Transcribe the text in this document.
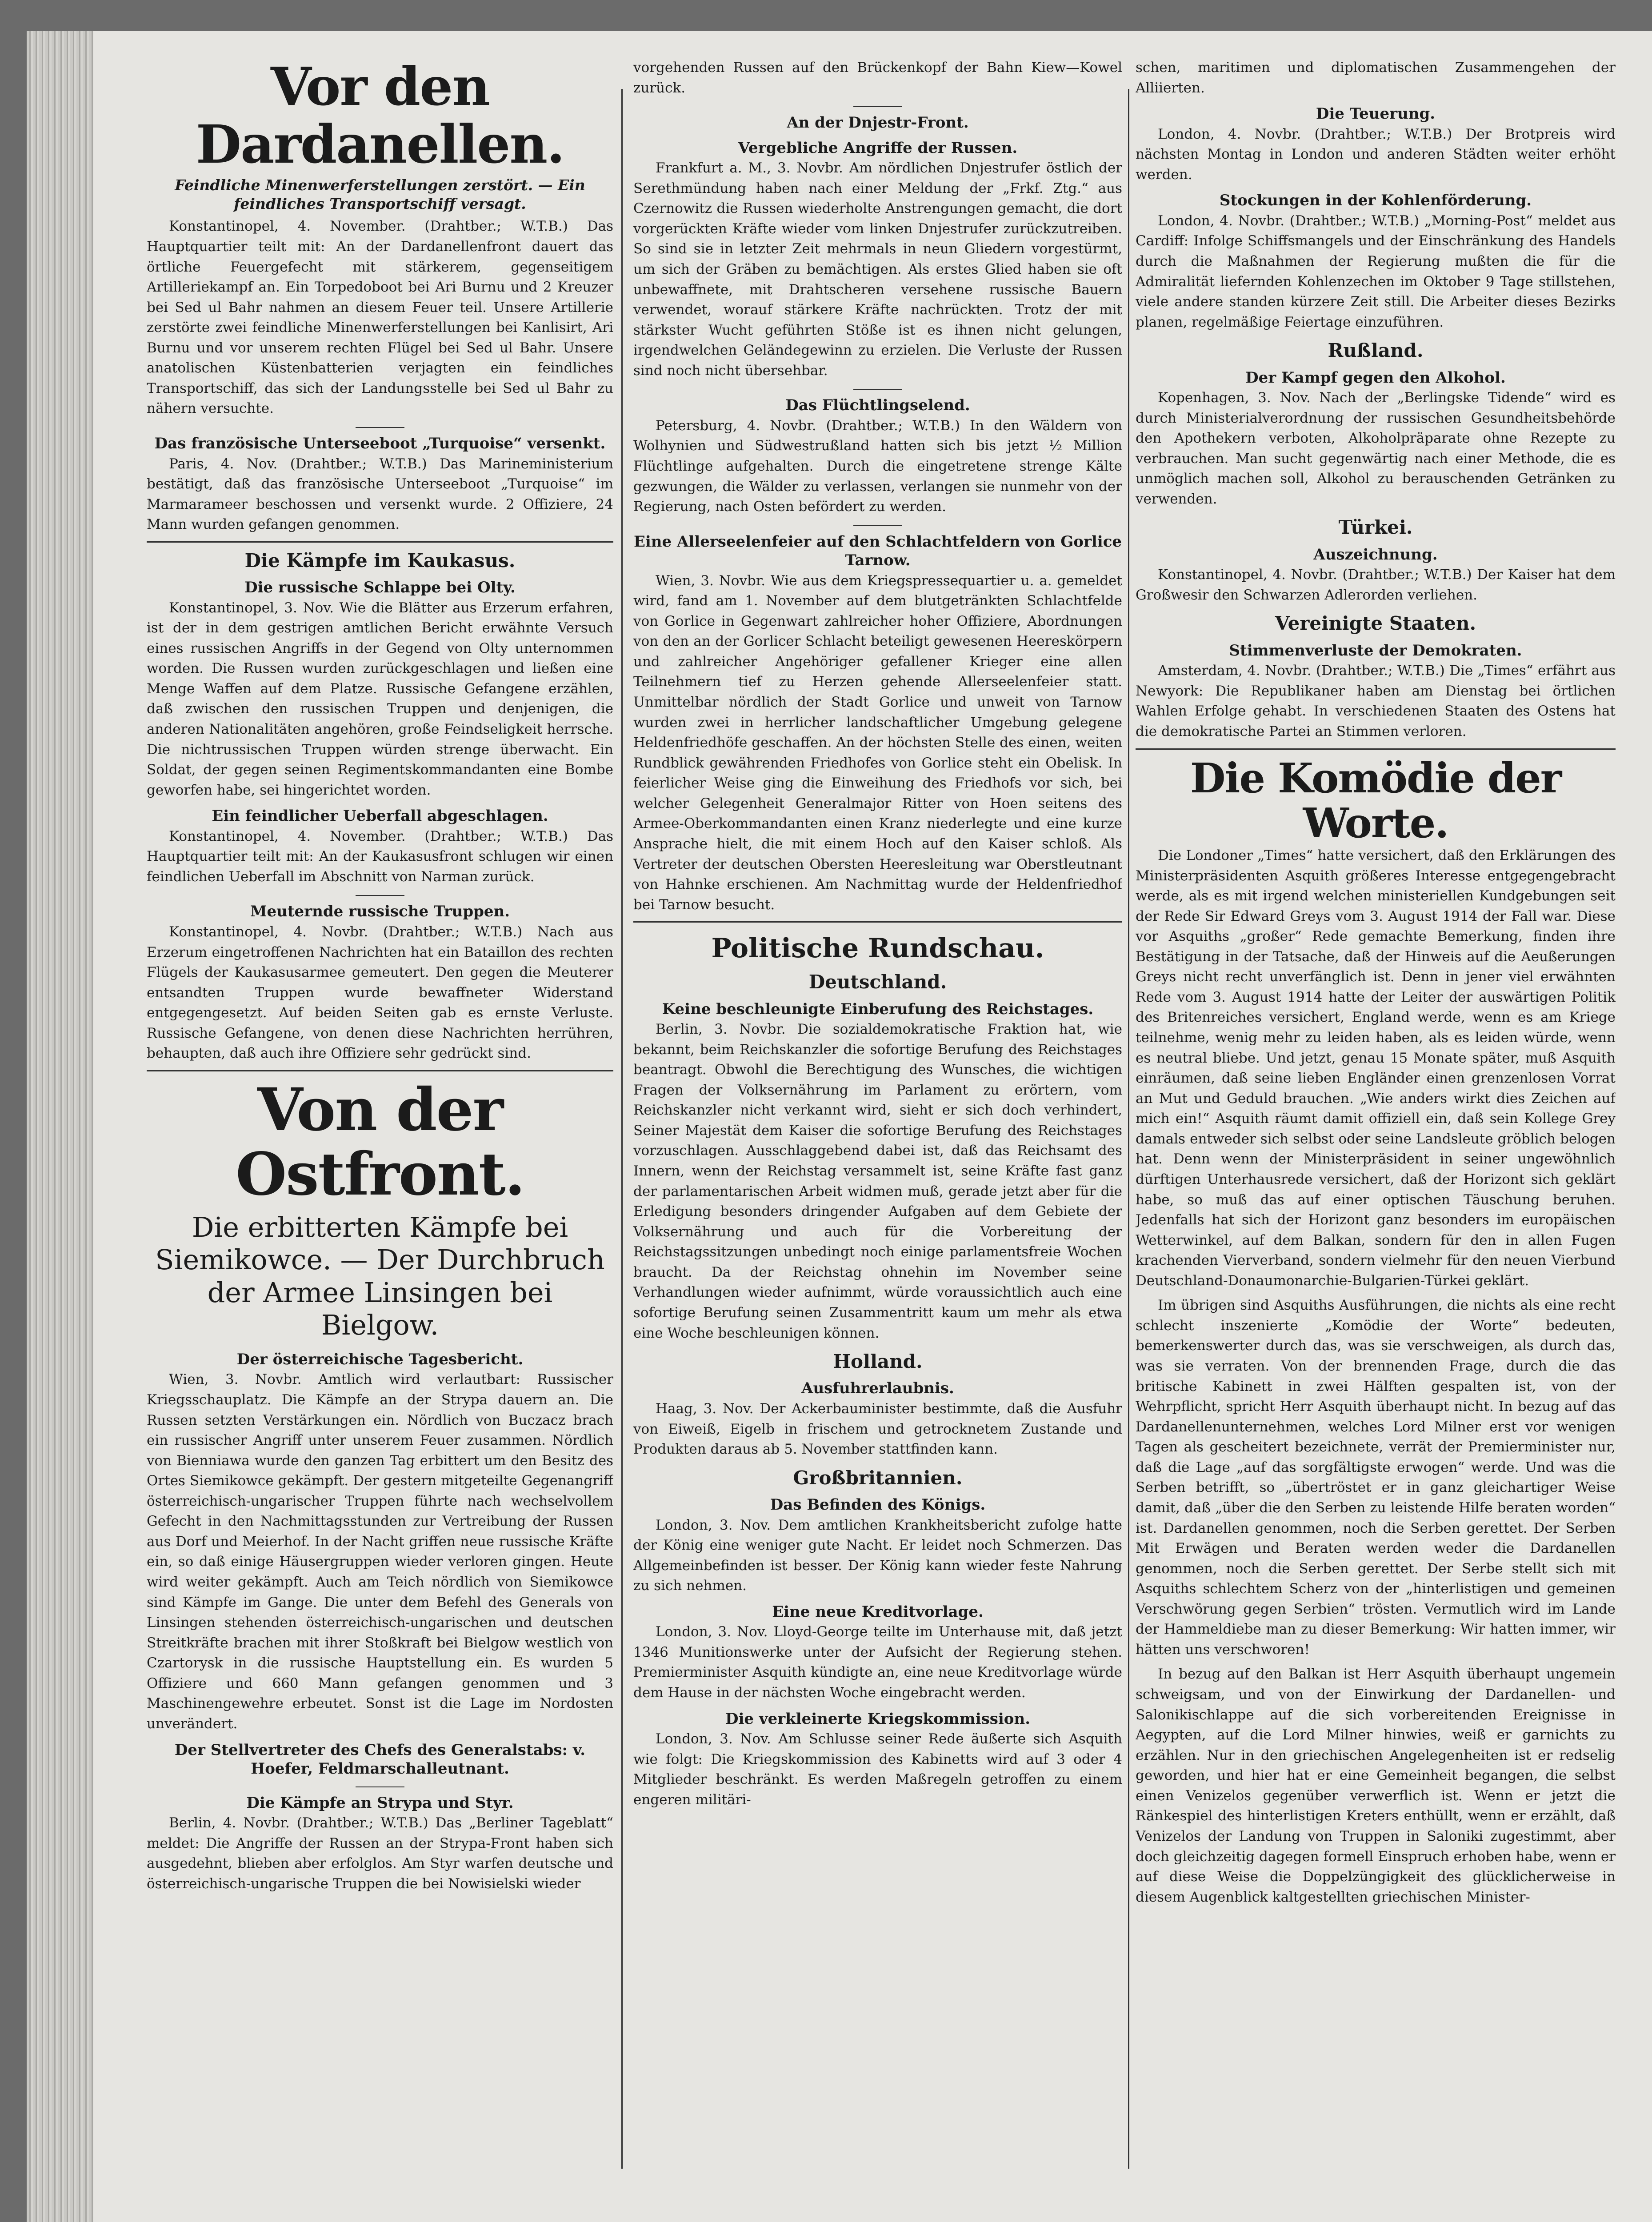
Vor den Dardanellen.
Feindliche Minenwerferstellungen zerstört. — Ein feindliches Transportschiff versagt.

Konstantinopel, 4. November. (Drahtber.; W.T.B.) Das Hauptquartier teilt mit: An der Dardanellenfront dauert das örtliche Feuergefecht mit stärkerem, gegenseitigem Artilleriekampf an. Ein Torpedoboot bei Ari Burnu und 2 Kreuzer bei Sed ul Bahr nahmen an diesem Feuer teil. Unsere Artillerie zerstörte zwei feindliche Minenwerferstellungen bei Kanlisirt, Ari Burnu und vor unserem rechten Flügel bei Sed ul Bahr. Unsere anatolischen Küstenbatterien verjagten ein feindliches Transportschiff, das sich der Landungsstelle bei Sed ul Bahr zu nähern versuchte.

Das französische Unterseeboot „Turquoise“ versenkt.

Paris, 4. Nov. (Drahtber.; W.T.B.) Das Marineministerium bestätigt, daß das französische Unterseeboot „Turquoise“ im Marmarameer beschossen und versenkt wurde. 2 Offiziere, 24 Mann wurden gefangen genommen.

Die Kämpfe im Kaukasus.
Die russische Schlappe bei Olty.

Konstantinopel, 3. Nov. Wie die Blätter aus Erzerum erfahren, ist der in dem gestrigen amtlichen Bericht erwähnte Versuch eines russischen Angriffs in der Gegend von Olty unternommen worden. Die Russen wurden zurückgeschlagen und ließen eine Menge Waffen auf dem Platze. Russische Gefangene erzählen, daß zwischen den russischen Truppen und denjenigen, die anderen Nationalitäten angehören, große Feindseligkeit herrsche. Die nichtrussischen Truppen würden strenge überwacht. Ein Soldat, der gegen seinen Regimentskommandanten eine Bombe geworfen habe, sei hingerichtet worden.

Ein feindlicher Ueberfall abgeschlagen.

Konstantinopel, 4. November. (Drahtber.; W.T.B.) Das Hauptquartier teilt mit: An der Kaukasusfront schlugen wir einen feindlichen Ueberfall im Abschnitt von Narman zurück.

Meuternde russische Truppen.

Konstantinopel, 4. Novbr. (Drahtber.; W.T.B.) Nach aus Erzerum eingetroffenen Nachrichten hat ein Bataillon des rechten Flügels der Kaukasusarmee gemeutert. Den gegen die Meuterer entsandten Truppen wurde bewaffneter Widerstand entgegengesetzt. Auf beiden Seiten gab es ernste Verluste. Russische Gefangene, von denen diese Nachrichten herrühren, behaupten, daß auch ihre Offiziere sehr gedrückt sind.

Von der Ostfront.
Die erbitterten Kämpfe bei Siemikowce. — Der Durchbruch der Armee Linsingen bei Bielgow.
Der österreichische Tagesbericht.

Wien, 3. Novbr. Amtlich wird verlautbart: Russischer Kriegsschauplatz. Die Kämpfe an der Strypa dauern an. Die Russen setzten Verstärkungen ein. Nördlich von Buczacz brach ein russischer Angriff unter unserem Feuer zusammen. Nördlich von Bienniawa wurde den ganzen Tag erbittert um den Besitz des Ortes Siemikowce gekämpft. Der gestern mitgeteilte Gegenangriff österreichisch-ungarischer Truppen führte nach wechselvollem Gefecht in den Nachmittagsstunden zur Vertreibung der Russen aus Dorf und Meierhof. In der Nacht griffen neue russische Kräfte ein, so daß einige Häusergruppen wieder verloren gingen. Heute wird weiter gekämpft. Auch am Teich nördlich von Siemikowce sind Kämpfe im Gange. Die unter dem Befehl des Generals von Linsingen stehenden österreichisch-ungarischen und deutschen Streitkräfte brachen mit ihrer Stoßkraft bei Bielgow westlich von Czartorysk in die russische Hauptstellung ein. Es wurden 5 Offiziere und 660 Mann gefangen genommen und 3 Maschinengewehre erbeutet. Sonst ist die Lage im Nordosten unverändert.

Der Stellvertreter des Chefs des Generalstabs: v. Hoefer, Feldmarschalleutnant.
Die Kämpfe an Strypa und Styr.

Berlin, 4. Novbr. (Drahtber.; W.T.B.) Das „Berliner Tageblatt“ meldet: Die Angriffe der Russen an der Strypa-Front haben sich ausgedehnt, blieben aber erfolglos. Am Styr warfen deutsche und österreichisch-ungarische Truppen die bei Nowisielski wieder

vorgehenden Russen auf den Brückenkopf der Bahn Kiew—Kowel zurück.

An der Dnjestr-Front.
Vergebliche Angriffe der Russen.

Frankfurt a. M., 3. Novbr. Am nördlichen Dnjestrufer östlich der Serethmündung haben nach einer Meldung der „Frkf. Ztg.“ aus Czernowitz die Russen wiederholte Anstrengungen gemacht, die dort vorgerückten Kräfte wieder vom linken Dnjestrufer zurückzutreiben. So sind sie in letzter Zeit mehrmals in neun Gliedern vorgestürmt, um sich der Gräben zu bemächtigen. Als erstes Glied haben sie oft unbewaffnete, mit Drahtscheren versehene russische Bauern verwendet, worauf stärkere Kräfte nachrückten. Trotz der mit stärkster Wucht geführten Stöße ist es ihnen nicht gelungen, irgendwelchen Geländegewinn zu erzielen. Die Verluste der Russen sind noch nicht übersehbar.

Das Flüchtlingselend.

Petersburg, 4. Novbr. (Drahtber.; W.T.B.) In den Wäldern von Wolhynien und Südwestrußland hatten sich bis jetzt ½ Million Flüchtlinge aufgehalten. Durch die eingetretene strenge Kälte gezwungen, die Wälder zu verlassen, verlangen sie nunmehr von der Regierung, nach Osten befördert zu werden.

Eine Allerseelenfeier auf den Schlachtfeldern von Gorlice Tarnow.

Wien, 3. Novbr. Wie aus dem Kriegspressequartier u. a. gemeldet wird, fand am 1. November auf dem blutgetränkten Schlachtfelde von Gorlice in Gegenwart zahlreicher hoher Offiziere, Abordnungen von den an der Gorlicer Schlacht beteiligt gewesenen Heereskörpern und zahlreicher Angehöriger gefallener Krieger eine allen Teilnehmern tief zu Herzen gehende Allerseelenfeier statt. Unmittelbar nördlich der Stadt Gorlice und unweit von Tarnow wurden zwei in herrlicher landschaftlicher Umgebung gelegene Heldenfriedhöfe geschaffen. An der höchsten Stelle des einen, weiten Rundblick gewährenden Friedhofes von Gorlice steht ein Obelisk. In feierlicher Weise ging die Einweihung des Friedhofs vor sich, bei welcher Gelegenheit Generalmajor Ritter von Hoen seitens des Armee-Oberkommandanten einen Kranz niederlegte und eine kurze Ansprache hielt, die mit einem Hoch auf den Kaiser schloß. Als Vertreter der deutschen Obersten Heeresleitung war Oberstleutnant von Hahnke erschienen. Am Nachmittag wurde der Heldenfriedhof bei Tarnow besucht.

Politische Rundschau.
Deutschland.
Keine beschleunigte Einberufung des Reichstages.

Berlin, 3. Novbr. Die sozialdemokratische Fraktion hat, wie bekannt, beim Reichskanzler die sofortige Berufung des Reichstages beantragt. Obwohl die Berechtigung des Wunsches, die wichtigen Fragen der Volksernährung im Parlament zu erörtern, vom Reichskanzler nicht verkannt wird, sieht er sich doch verhindert, Seiner Majestät dem Kaiser die sofortige Berufung des Reichstages vorzuschlagen. Ausschlaggebend dabei ist, daß das Reichsamt des Innern, wenn der Reichstag versammelt ist, seine Kräfte fast ganz der parlamentarischen Arbeit widmen muß, gerade jetzt aber für die Erledigung besonders dringender Aufgaben auf dem Gebiete der Volksernährung und auch für die Vorbereitung der Reichstagssitzungen unbedingt noch einige parlamentsfreie Wochen braucht. Da der Reichstag ohnehin im November seine Verhandlungen wieder aufnimmt, würde voraussichtlich auch eine sofortige Berufung seinen Zusammentritt kaum um mehr als etwa eine Woche beschleunigen können.

Holland.
Ausfuhrerlaubnis.

Haag, 3. Nov. Der Ackerbauminister bestimmte, daß die Ausfuhr von Eiweiß, Eigelb in frischem und getrocknetem Zustande und Produkten daraus ab 5. November stattfinden kann.

Großbritannien.
Das Befinden des Königs.

London, 3. Nov. Dem amtlichen Krankheitsbericht zufolge hatte der König eine weniger gute Nacht. Er leidet noch Schmerzen. Das Allgemeinbefinden ist besser. Der König kann wieder feste Nahrung zu sich nehmen.

Eine neue Kreditvorlage.

London, 3. Nov. Lloyd-George teilte im Unterhause mit, daß jetzt 1346 Munitionswerke unter der Aufsicht der Regierung stehen. Premierminister Asquith kündigte an, eine neue Kreditvorlage würde dem Hause in der nächsten Woche eingebracht werden.

Die verkleinerte Kriegskommission.

London, 3. Nov. Am Schlusse seiner Rede äußerte sich Asquith wie folgt: Die Kriegskommission des Kabinetts wird auf 3 oder 4 Mitglieder beschränkt. Es werden Maßregeln getroffen zu einem engeren militäri-

schen, maritimen und diplomatischen Zusammengehen der Alliierten.

Die Teuerung.

London, 4. Novbr. (Drahtber.; W.T.B.) Der Brotpreis wird nächsten Montag in London und anderen Städten weiter erhöht werden.

Stockungen in der Kohlenförderung.

London, 4. Novbr. (Drahtber.; W.T.B.) „Morning-Post“ meldet aus Cardiff: Infolge Schiffsmangels und der Einschränkung des Handels durch die Maßnahmen der Regierung mußten die für die Admiralität liefernden Kohlenzechen im Oktober 9 Tage stillstehen, viele andere standen kürzere Zeit still. Die Arbeiter dieses Bezirks planen, regelmäßige Feiertage einzuführen.

Rußland.
Der Kampf gegen den Alkohol.

Kopenhagen, 3. Nov. Nach der „Berlingske Tidende“ wird es durch Ministerialverordnung der russischen Gesundheitsbehörde den Apothekern verboten, Alkoholpräparate ohne Rezepte zu verbrauchen. Man sucht gegenwärtig nach einer Methode, die es unmöglich machen soll, Alkohol zu berauschenden Getränken zu verwenden.

Türkei.
Auszeichnung.

Konstantinopel, 4. Novbr. (Drahtber.; W.T.B.) Der Kaiser hat dem Großwesir den Schwarzen Adlerorden verliehen.

Vereinigte Staaten.
Stimmenverluste der Demokraten.

Amsterdam, 4. Novbr. (Drahtber.; W.T.B.) Die „Times“ erfährt aus Newyork: Die Republikaner haben am Dienstag bei örtlichen Wahlen Erfolge gehabt. In verschiedenen Staaten des Ostens hat die demokratische Partei an Stimmen verloren.

Die Komödie der Worte.

Die Londoner „Times“ hatte versichert, daß den Erklärungen des Ministerpräsidenten Asquith größeres Interesse entgegengebracht werde, als es mit irgend welchen ministeriellen Kundgebungen seit der Rede Sir Edward Greys vom 3. August 1914 der Fall war. Diese vor Asquiths „großer“ Rede gemachte Bemerkung, finden ihre Bestätigung in der Tatsache, daß der Hinweis auf die Aeußerungen Greys nicht recht unverfänglich ist. Denn in jener viel erwähnten Rede vom 3. August 1914 hatte der Leiter der auswärtigen Politik des Britenreiches versichert, England werde, wenn es am Kriege teilnehme, wenig mehr zu leiden haben, als es leiden würde, wenn es neutral bliebe. Und jetzt, genau 15 Monate später, muß Asquith einräumen, daß seine lieben Engländer einen grenzenlosen Vorrat an Mut und Geduld brauchen. „Wie anders wirkt dies Zeichen auf mich ein!“ Asquith räumt damit offiziell ein, daß sein Kollege Grey damals entweder sich selbst oder seine Landsleute gröblich belogen hat. Denn wenn der Ministerpräsident in seiner ungewöhnlich dürftigen Unterhausrede versichert, daß der Horizont sich geklärt habe, so muß das auf einer optischen Täuschung beruhen. Jedenfalls hat sich der Horizont ganz besonders im europäischen Wetterwinkel, auf dem Balkan, sondern für den in allen Fugen krachenden Vierverband, sondern vielmehr für den neuen Vierbund Deutschland-Donaumonarchie-Bulgarien-Türkei geklärt.

Im übrigen sind Asquiths Ausführungen, die nichts als eine recht schlecht inszenierte „Komödie der Worte“ bedeuten, bemerkenswerter durch das, was sie verschweigen, als durch das, was sie verraten. Von der brennenden Frage, durch die das britische Kabinett in zwei Hälften gespalten ist, von der Wehrpflicht, spricht Herr Asquith überhaupt nicht. In bezug auf das Dardanellenunternehmen, welches Lord Milner erst vor wenigen Tagen als gescheitert bezeichnete, verrät der Premierminister nur, daß die Lage „auf das sorgfältigste erwogen“ werde. Und was die Serben betrifft, so „übertröstet er in ganz gleichartiger Weise damit, daß „über die den Serben zu leistende Hilfe beraten worden“ ist. Dardanellen genommen, noch die Serben gerettet. Der Serben Mit Erwägen und Beraten werden weder die Dardanellen genommen, noch die Serben gerettet. Der Serbe stellt sich mit Asquiths schlechtem Scherz von der „hinterlistigen und gemeinen Verschwörung gegen Serbien“ trösten. Vermutlich wird im Lande der Hammeldiebe man zu dieser Bemerkung: Wir hatten immer, wir hätten uns verschworen!

In bezug auf den Balkan ist Herr Asquith überhaupt ungemein schweigsam, und von der Einwirkung der Dardanellen- und Salonikischlappe auf die sich vorbereitenden Ereignisse in Aegypten, auf die Lord Milner hinwies, weiß er garnichts zu erzählen. Nur in den griechischen Angelegenheiten ist er redselig geworden, und hier hat er eine Gemeinheit begangen, die selbst einen Venizelos gegenüber verwerflich ist. Wenn er jetzt die Ränkespiel des hinterlistigen Kreters enthüllt, wenn er erzählt, daß Venizelos der Landung von Truppen in Saloniki zugestimmt, aber doch gleichzeitig dagegen formell Einspruch erhoben habe, wenn er auf diese Weise die Doppelzüngigkeit des glücklicherweise in diesem Augenblick kaltgestellten griechischen Minister-
